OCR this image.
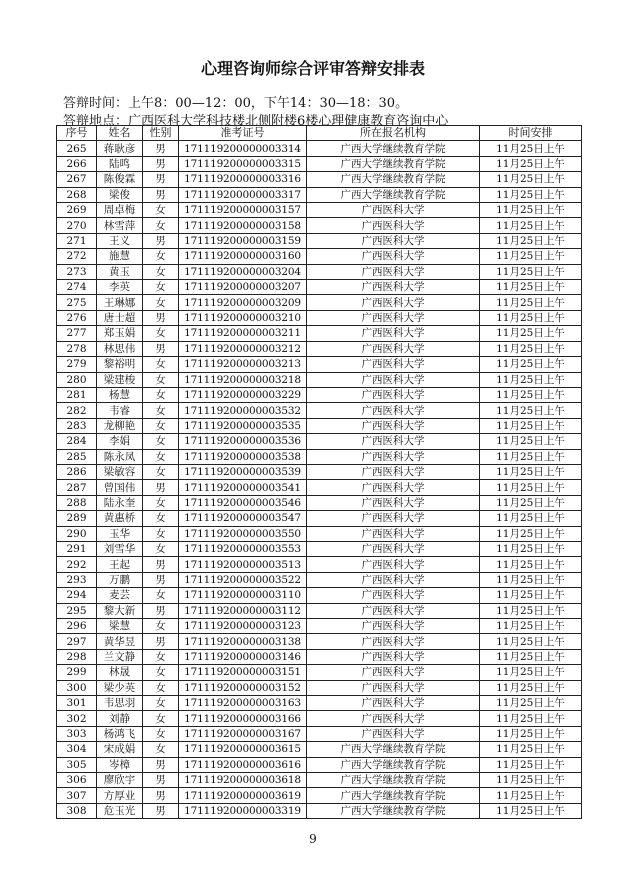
心理咨询师综合评审答辩安排表
答辩时间：上午8：00—12：00，下午14：30—18：30。
答辩地点：广西医科大学科技楼北侧附楼6楼心理健康教育咨询中心
序号	姓名	性别	准考证号	所在报名机构	时间安排
265	蒋耿彦	男	171119200000003314	广西大学继续教育学院	11月25日上午
266	陆鸣	男	171119200000003315	广西大学继续教育学院	11月25日上午
267	陈俊霖	男	171119200000003316	广西大学继续教育学院	11月25日上午
268	梁俊	男	171119200000003317	广西大学继续教育学院	11月25日上午
269	周卓梅	女	171119200000003157	广西医科大学	11月25日上午
270	林雪萍	女	171119200000003158	广西医科大学	11月25日上午
271	王义	男	171119200000003159	广西医科大学	11月25日上午
272	施慧	女	171119200000003160	广西医科大学	11月25日上午
273	黄玉	女	171119200000003204	广西医科大学	11月25日上午
274	李英	女	171119200000003207	广西医科大学	11月25日上午
275	王琳娜	女	171119200000003209	广西医科大学	11月25日上午
276	唐士超	男	171119200000003210	广西医科大学	11月25日上午
277	郑玉娟	女	171119200000003211	广西医科大学	11月25日上午
278	林思伟	男	171119200000003212	广西医科大学	11月25日上午
279	黎裕明	女	171119200000003213	广西医科大学	11月25日上午
280	梁建梭	女	171119200000003218	广西医科大学	11月25日上午
281	杨慧	女	171119200000003229	广西医科大学	11月25日上午
282	韦睿	女	171119200000003532	广西医科大学	11月25日上午
283	龙柳艳	女	171119200000003535	广西医科大学	11月25日上午
284	李娟	女	171119200000003536	广西医科大学	11月25日上午
285	陈永凤	女	171119200000003538	广西医科大学	11月25日上午
286	梁敏容	女	171119200000003539	广西医科大学	11月25日上午
287	曾国伟	男	171119200000003541	广西医科大学	11月25日上午
288	陆永奎	女	171119200000003546	广西医科大学	11月25日上午
289	黄惠桥	女	171119200000003547	广西医科大学	11月25日上午
290	玉华	女	171119200000003550	广西医科大学	11月25日上午
291	刘雪华	女	171119200000003553	广西医科大学	11月25日上午
292	王起	男	171119200000003513	广西医科大学	11月25日上午
293	万鹏	男	171119200000003522	广西医科大学	11月25日上午
294	麦芸	女	171119200000003110	广西医科大学	11月25日上午
295	黎大新	男	171119200000003112	广西医科大学	11月25日上午
296	梁慧	女	171119200000003123	广西医科大学	11月25日上午
297	黄华昱	男	171119200000003138	广西医科大学	11月25日上午
298	兰文静	女	171119200000003146	广西医科大学	11月25日上午
299	林晟	女	171119200000003151	广西医科大学	11月25日上午
300	梁少英	女	171119200000003152	广西医科大学	11月25日上午
301	韦思羽	女	171119200000003163	广西医科大学	11月25日上午
302	刘静	女	171119200000003166	广西医科大学	11月25日上午
303	杨鸿飞	女	171119200000003167	广西医科大学	11月25日上午
304	宋成娟	女	171119200000003615	广西大学继续教育学院	11月25日上午
305	岑樟	男	171119200000003616	广西大学继续教育学院	11月25日上午
306	廖欣宇	男	171119200000003618	广西大学继续教育学院	11月25日上午
307	方厚业	男	171119200000003619	广西大学继续教育学院	11月25日上午
308	危玉光	男	171119200000003319	广西大学继续教育学院	11月25日上午
9
